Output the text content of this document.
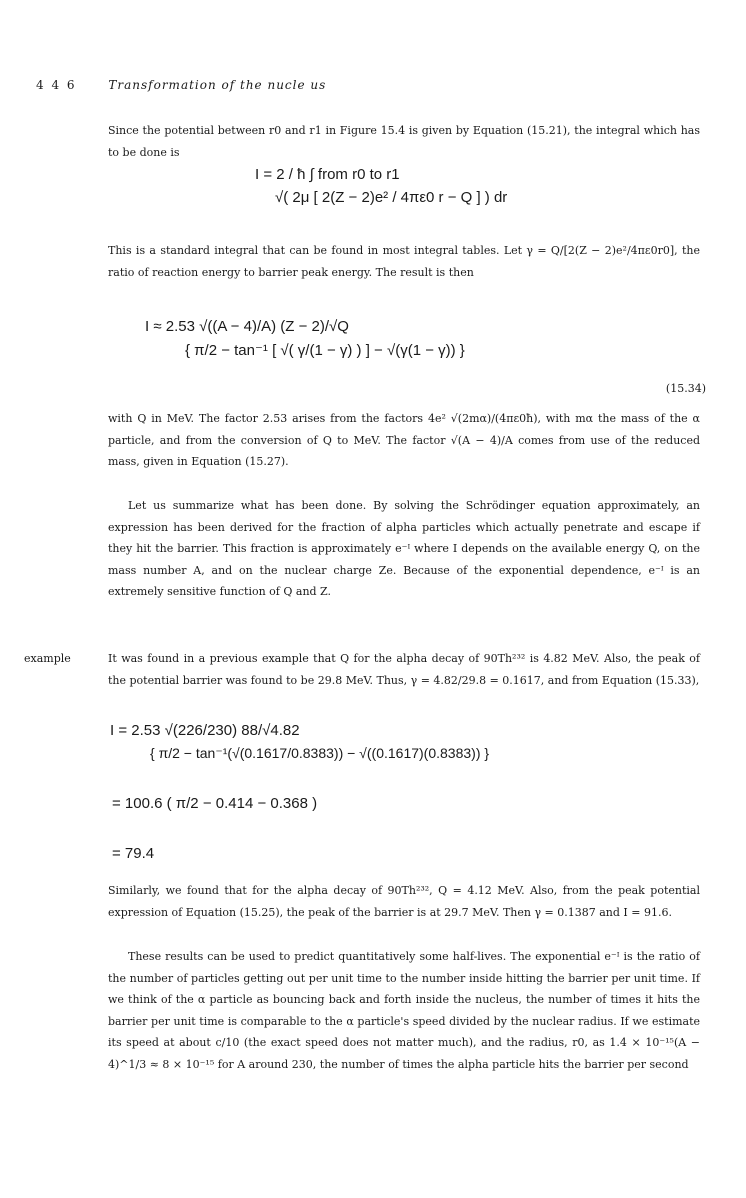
4 4 6	Transformation of the nucle us

Since the potential between r0 and r1 in Figure 15.4 is given by Equation (15.21), the integral which has to be done is

I = 2 / ħ ∫ from r0 to r1
√( 2μ [ 2(Z − 2)e² / 4πε0 r − Q ] ) dr

This is a standard integral that can be found in most integral tables. Let γ = Q/[2(Z − 2)e²/4πε0r0], the ratio of reaction energy to barrier peak energy. The result is then

I ≈ 2.53 √((A − 4)/A) (Z − 2)/√Q
{ π/2 − tan⁻¹ [ √( γ/(1 − γ) ) ] − √(γ(1 − γ)) }
(15.34)

with Q in MeV. The factor 2.53 arises from the factors 4e² √(2mα)/(4πε0ħ), with mα the mass of the α particle, and from the conversion of Q to MeV. The factor √(A − 4)/A comes from use of the reduced mass, given in Equation (15.27).

Let us summarize what has been done. By solving the Schrödinger equation approximately, an expression has been derived for the fraction of alpha particles which actually penetrate and escape if they hit the barrier. This fraction is approximately e⁻ᴵ where I depends on the available energy Q, on the mass number A, and on the nuclear charge Ze. Because of the exponential dependence, e⁻ᴵ is an extremely sensitive function of Q and Z.

example	It was found in a previous example that Q for the alpha decay of 90Th²³² is 4.82 MeV. Also, the peak of the potential barrier was found to be 29.8 MeV. Thus, γ = 4.82/29.8 = 0.1617, and from Equation (15.33),

I = 2.53 √(226/230) 88/√4.82
{ π/2 − tan⁻¹(√(0.1617/0.8383)) − √((0.1617)(0.8383)) }
= 100.6 ( π/2 − 0.414 − 0.368 )
= 79.4

Similarly, we found that for the alpha decay of 90Th²³², Q = 4.12 MeV. Also, from the peak potential expression of Equation (15.25), the peak of the barrier is at 29.7 MeV. Then γ = 0.1387 and I = 91.6.

These results can be used to predict quantitatively some half-lives. The exponential e⁻ᴵ is the ratio of the number of particles getting out per unit time to the number inside hitting the barrier per unit time. If we think of the α particle as bouncing back and forth inside the nucleus, the number of times it hits the barrier per unit time is comparable to the α particle's speed divided by the nuclear radius. If we estimate its speed at about c/10 (the exact speed does not matter much), and the radius, r0, as 1.4 × 10⁻¹⁵(A − 4)^1/3 ≈ 8 × 10⁻¹⁵ for A around 230, the number of times the alpha particle hits the barrier per second
